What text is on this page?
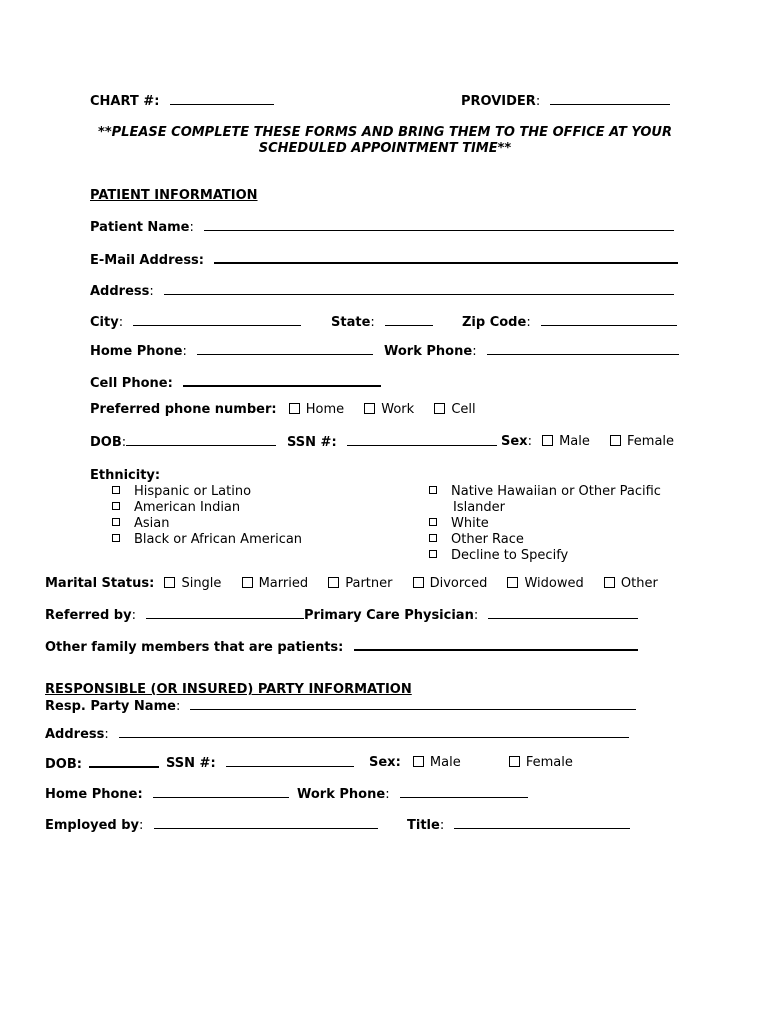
CHART #:	PROVIDER:
**PLEASE COMPLETE THESE FORMS AND BRING THEM TO THE OFFICE AT YOUR
SCHEDULED APPOINTMENT TIME**
PATIENT INFORMATION
Patient Name:
E-Mail Address:
Address:
City:	State:	Zip Code:
Home Phone:	Work Phone:
Cell Phone:
Preferred phone number: Home	Work	Cell
DOB:	SSN #:	Sex: Male	Female
Ethnicity:
Hispanic or Latino
American Indian
Asian
Black or African American
Native Hawaiian or Other Pacific
Islander
White
Other Race
Decline to Specify
Marital Status: Single	Married	Partner	Divorced	Widowed	Other
Referred by:	Primary Care Physician:
Other family members that are patients:
RESPONSIBLE (OR INSURED) PARTY INFORMATION
Resp. Party Name:
Address:
DOB:	SSN #:	Sex: Male	Female
Home Phone:	Work Phone:
Employed by:	Title:
